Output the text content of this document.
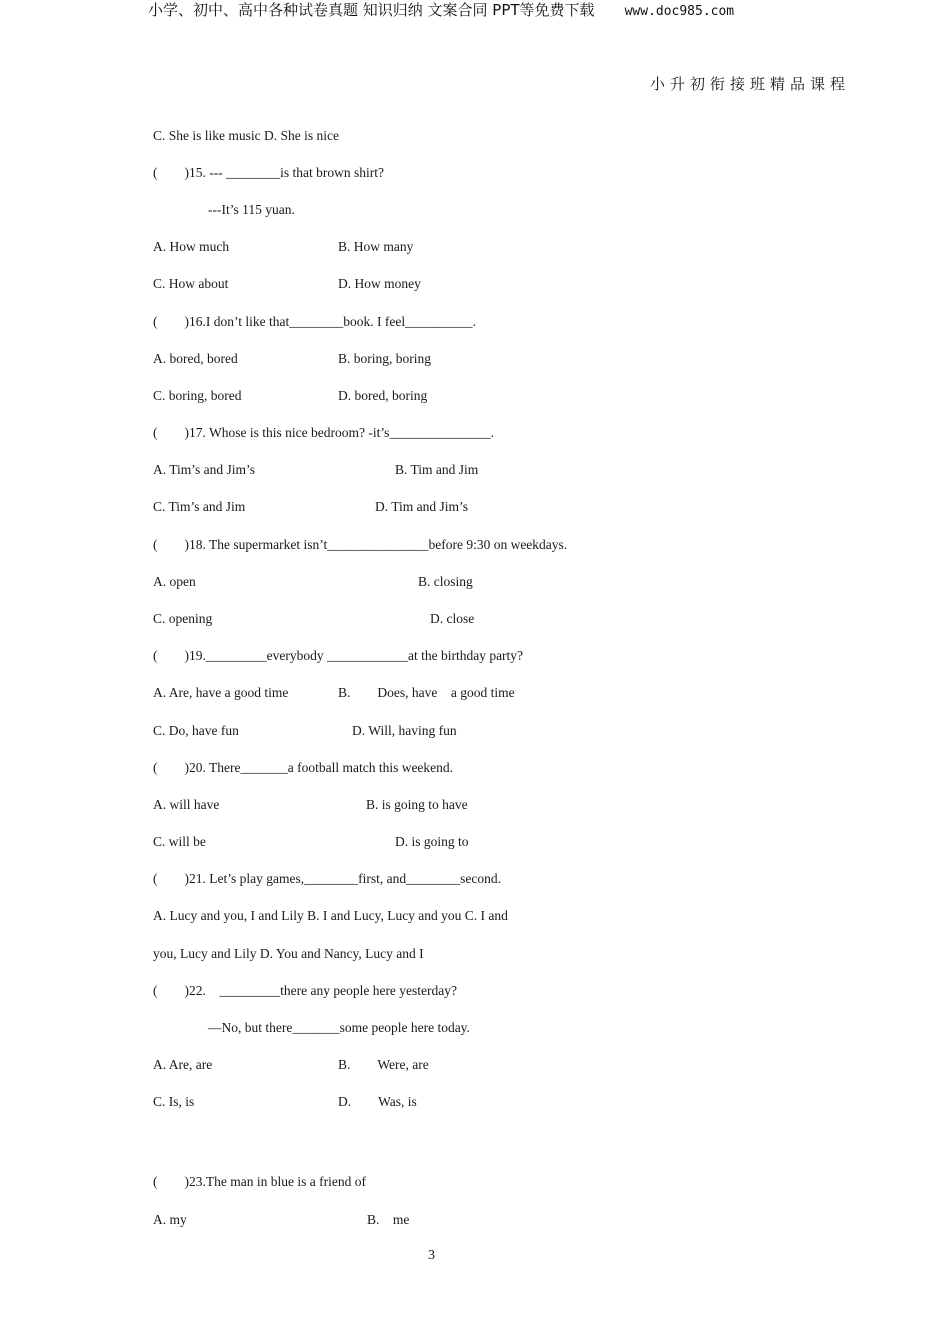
小学、初中、高中各种试卷真题 知识归纳 文案合同 PPT等免费下载 www.doc985.com
小升初衔接班精品课程
C. She is like music D. She is nice
(　　)15. --- ________is that brown shirt?
---It’s 115 yuan.
A. How much	B. How many
C. How about	D. How money
(　　)16.I don’t like that________book. I feel__________.
A. bored, bored	B. boring, boring
C. boring, bored	D. bored, boring
(　　)17. Whose is this nice bedroom? -it’s_______________.
A. Tim’s and Jim’s	B. Tim and Jim
C. Tim’s and Jim	D. Tim and Jim’s
(　　)18. The supermarket isn’t_______________before 9:30 on weekdays.
A. open	B. closing
C. opening	D. close
(　　)19._________everybody ____________at the birthday party?
A. Are, have a good time	B.　　Does, have　a good time
C. Do, have fun	D. Will, having fun
(　　)20. There_______a football match this weekend.
A. will have	B. is going to have
C. will be	D. is going to
(　　)21. Let’s play games,________first, and________second.
A. Lucy and you, I and Lily B. I and Lucy, Lucy and you C. I and
you, Lucy and Lily D. You and Nancy, Lucy and I
(　　)22.　_________there any people here yesterday?
—No, but there_______some people here today.
A. Are, are	B.　　Were, are
C. Is, is	D.　　Was, is
(　　)23.The man in blue is a friend of
A. my	B.　me
3
